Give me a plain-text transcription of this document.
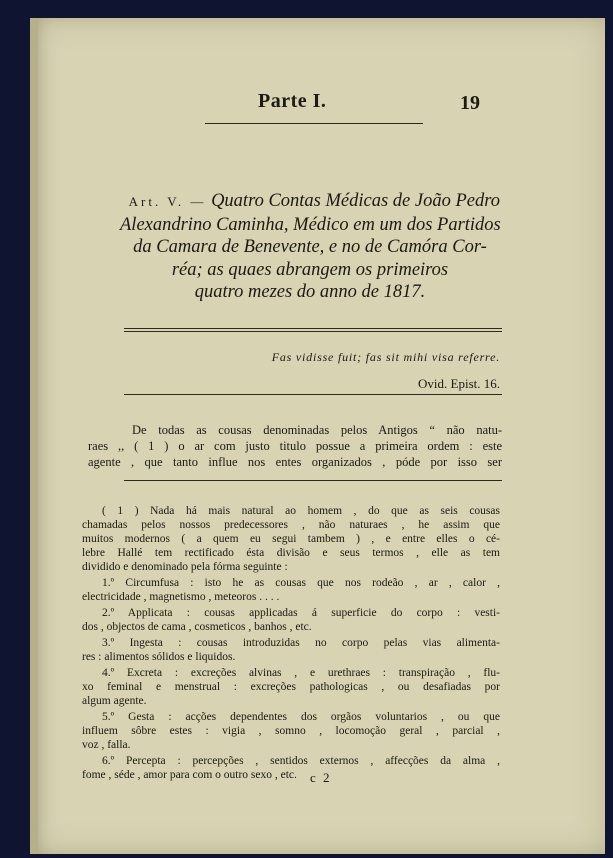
Parte I.	19
Art. V. — Quatro Contas Médicas de João Pedro
Alexandrino Caminha, Médico em um dos Partidos
da Camara de Benevente, e no de Camóra Cor-
réa; as quaes abrangem os primeiros
quatro mezes do anno de 1817.
Fas vidisse fuit; fas sit mihi visa referre.
Ovid. Epist. 16.
De todas as cousas denominadas pelos Antigos “ não natu-
raes ,, ( 1 ) o ar com justo titulo possue a primeira ordem : este
agente , que tanto influe nos entes organizados , póde por isso ser
( 1 ) Nada há mais natural ao homem , do que as seis cousas
chamadas pelos nossos predecessores , não naturaes , he assim que
muitos modernos ( a quem eu segui tambem ) , e entre elles o cé-
lebre Hallé tem rectificado ésta divisão e seus termos , elle as tem
dividido e denominado pela fórma seguinte :
1.º Circumfusa : isto he as cousas que nos rodeão , ar , calor ,
electricidade , magnetismo , meteoros . . . .
2.º Applicata : cousas applicadas á superficie do corpo : vesti-
dos , objectos de cama , cosmeticos , banhos , etc.
3.º Ingesta : cousas introduzidas no corpo pelas vias alimenta-
res : alimentos sólidos e liquidos.
4.º Excreta : excreções alvinas , e urethraes : transpiração , flu-
xo feminal e menstrual : excreções pathologicas , ou desafiadas por
algum agente.
5.º Gesta : acções dependentes dos orgãos voluntarios , ou que
influem sôbre estes : vigia , somno , locomoção geral , parcial ,
voz , falla.
6.º Percepta : percepções , sentidos externos , affecções da alma ,
fome , séde , amor para com o outro sexo , etc.	c 2
